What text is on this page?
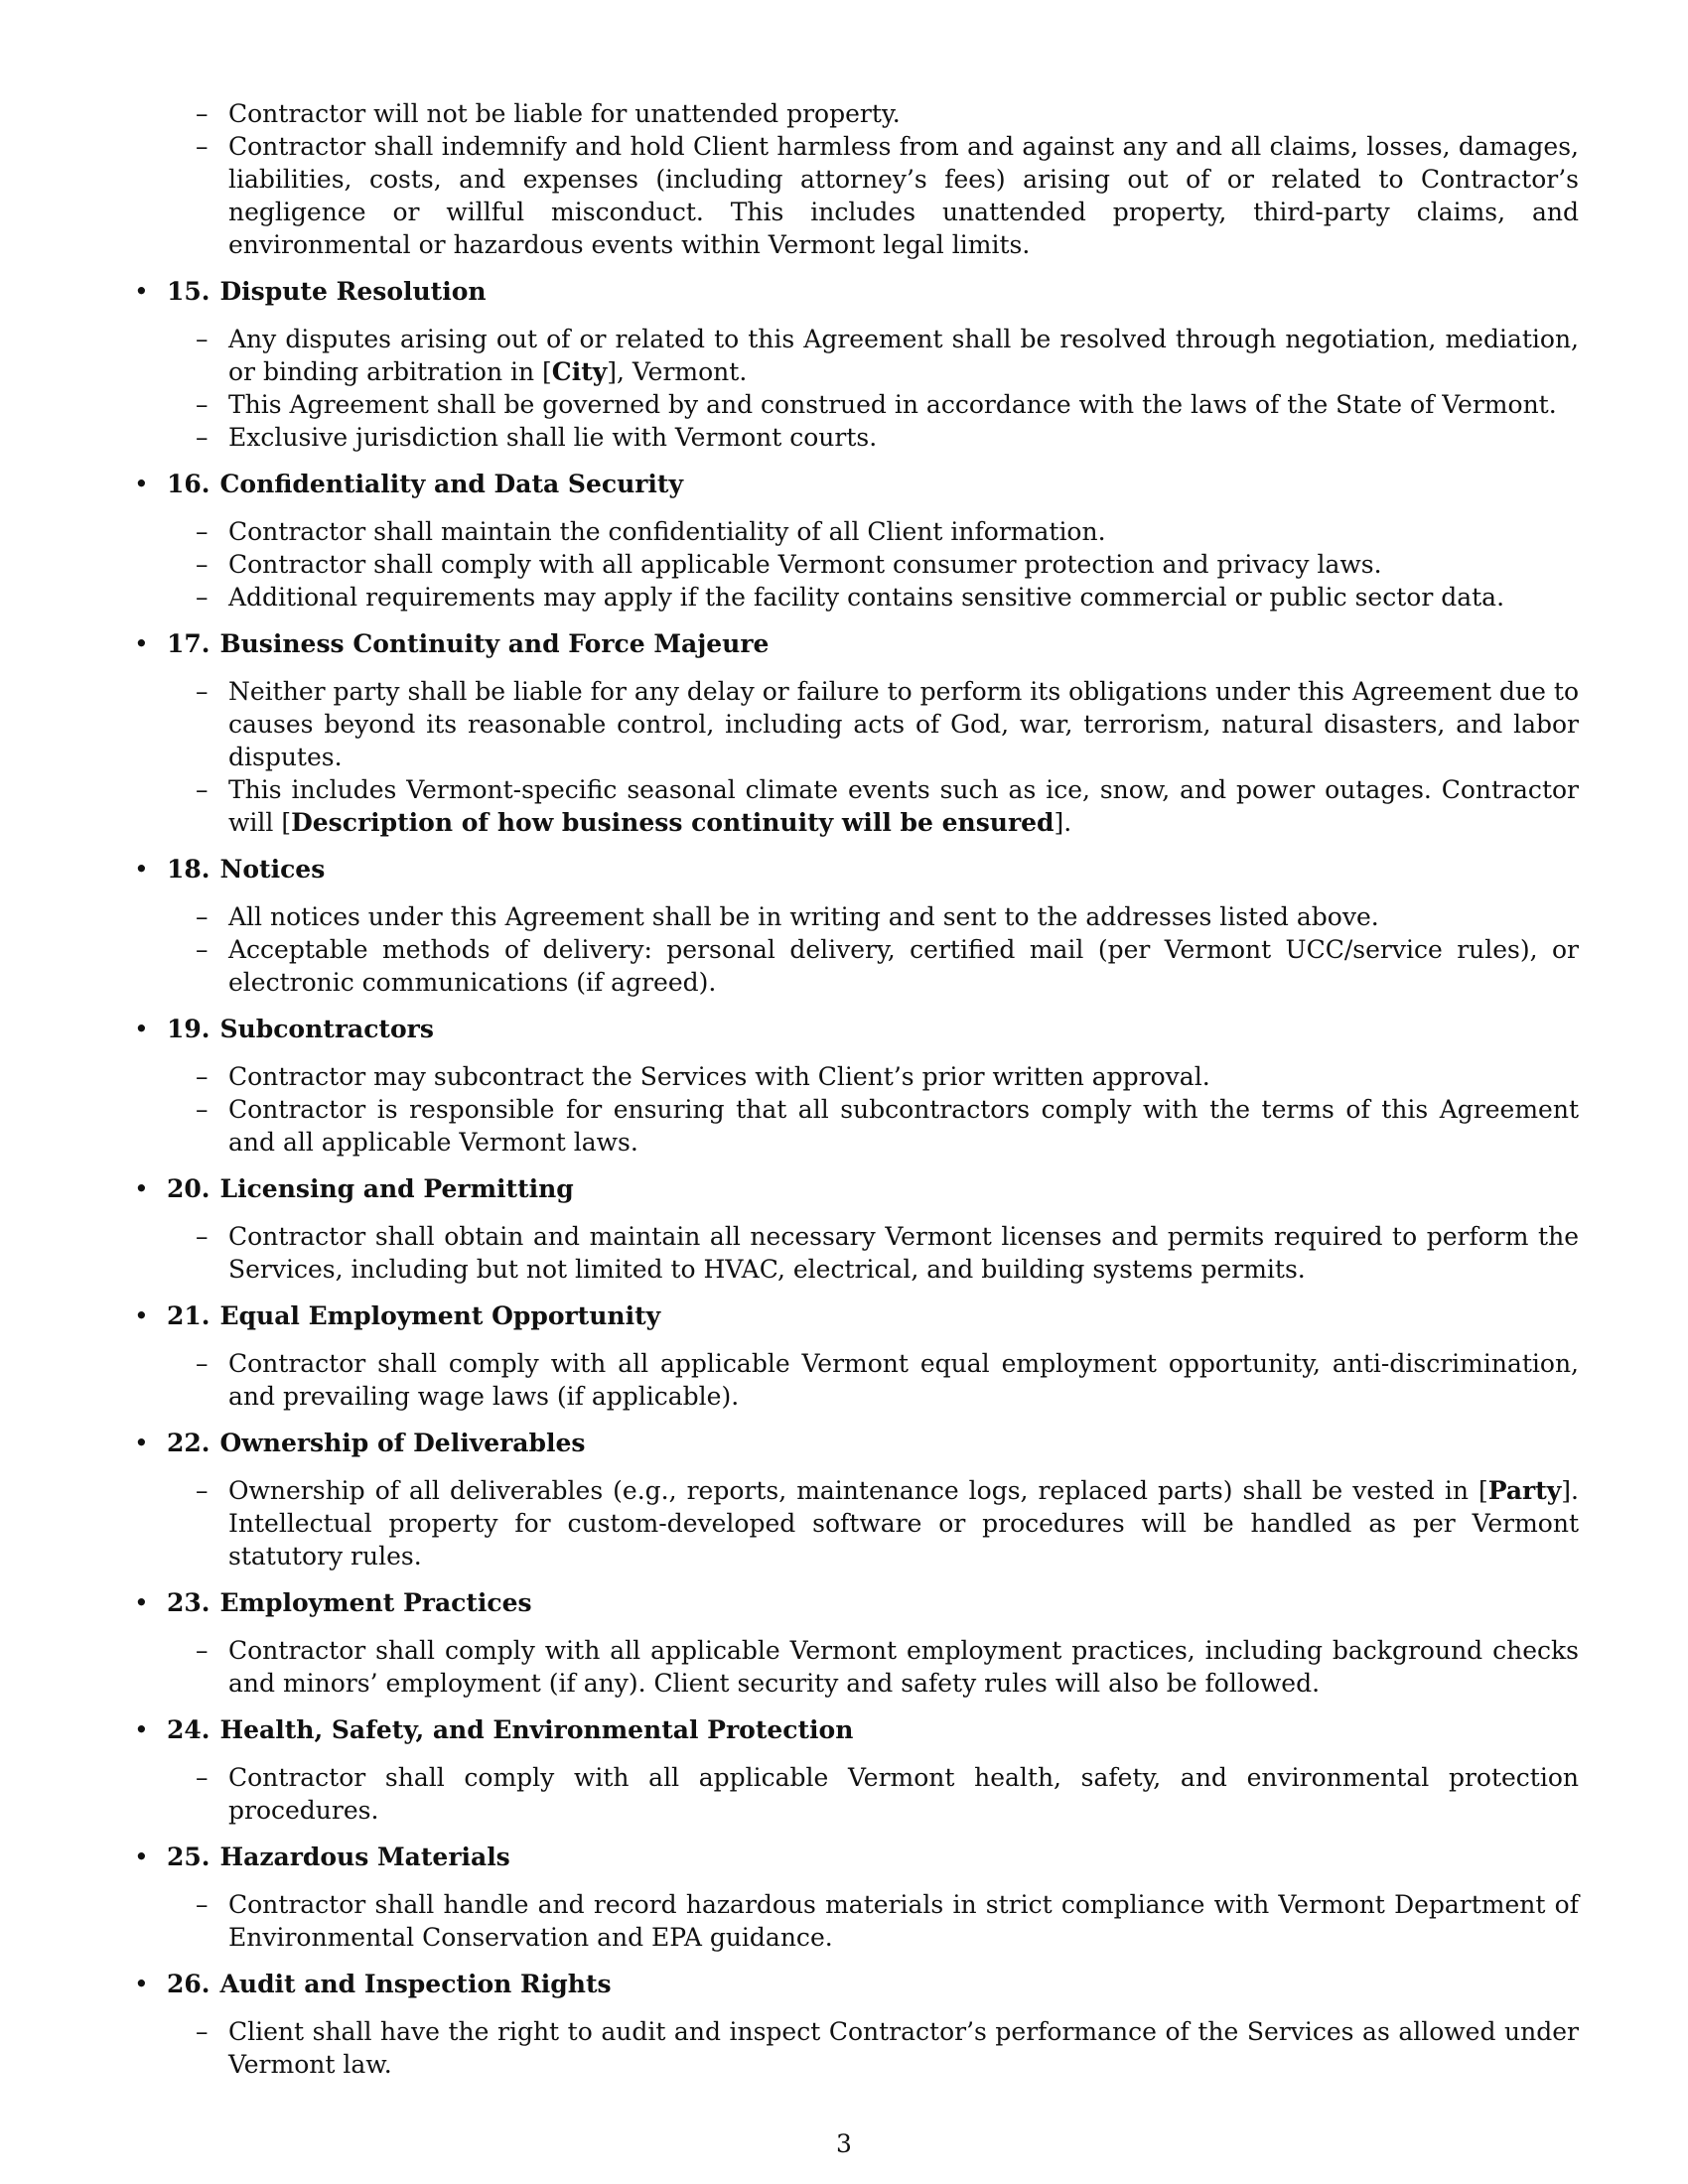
– Contractor will not be liable for unattended property.
– Contractor shall indemnify and hold Client harmless from and against any and all claims, losses, damages, liabilities, costs, and expenses (including attorney’s fees) arising out of or related to Contractor’s negligence or willful misconduct. This includes unattended property, third-party claims, and environmental or hazardous events within Vermont legal limits.
• 15. Dispute Resolution
– Any disputes arising out of or related to this Agreement shall be resolved through negotiation, mediation, or binding arbitration in [City], Vermont.
– This Agreement shall be governed by and construed in accordance with the laws of the State of Vermont.
– Exclusive jurisdiction shall lie with Vermont courts.
• 16. Confidentiality and Data Security
– Contractor shall maintain the confidentiality of all Client information.
– Contractor shall comply with all applicable Vermont consumer protection and privacy laws.
– Additional requirements may apply if the facility contains sensitive commercial or public sector data.
• 17. Business Continuity and Force Majeure
– Neither party shall be liable for any delay or failure to perform its obligations under this Agreement due to causes beyond its reasonable control, including acts of God, war, terrorism, natural disasters, and labor disputes.
– This includes Vermont-specific seasonal climate events such as ice, snow, and power outages. Contractor will [Description of how business continuity will be ensured].
• 18. Notices
– All notices under this Agreement shall be in writing and sent to the addresses listed above.
– Acceptable methods of delivery: personal delivery, certified mail (per Vermont UCC/service rules), or electronic communications (if agreed).
• 19. Subcontractors
– Contractor may subcontract the Services with Client’s prior written approval.
– Contractor is responsible for ensuring that all subcontractors comply with the terms of this Agreement and all applicable Vermont laws.
• 20. Licensing and Permitting
– Contractor shall obtain and maintain all necessary Vermont licenses and permits required to perform the Services, including but not limited to HVAC, electrical, and building systems permits.
• 21. Equal Employment Opportunity
– Contractor shall comply with all applicable Vermont equal employment opportunity, anti-discrimination, and prevailing wage laws (if applicable).
• 22. Ownership of Deliverables
– Ownership of all deliverables (e.g., reports, maintenance logs, replaced parts) shall be vested in [Party]. Intellectual property for custom-developed software or procedures will be handled as per Vermont statutory rules.
• 23. Employment Practices
– Contractor shall comply with all applicable Vermont employment practices, including background checks and minors’ employment (if any). Client security and safety rules will also be followed.
• 24. Health, Safety, and Environmental Protection
– Contractor shall comply with all applicable Vermont health, safety, and environmental protection procedures.
• 25. Hazardous Materials
– Contractor shall handle and record hazardous materials in strict compliance with Vermont Department of Environmental Conservation and EPA guidance.
• 26. Audit and Inspection Rights
– Client shall have the right to audit and inspect Contractor’s performance of the Services as allowed under Vermont law.
3
